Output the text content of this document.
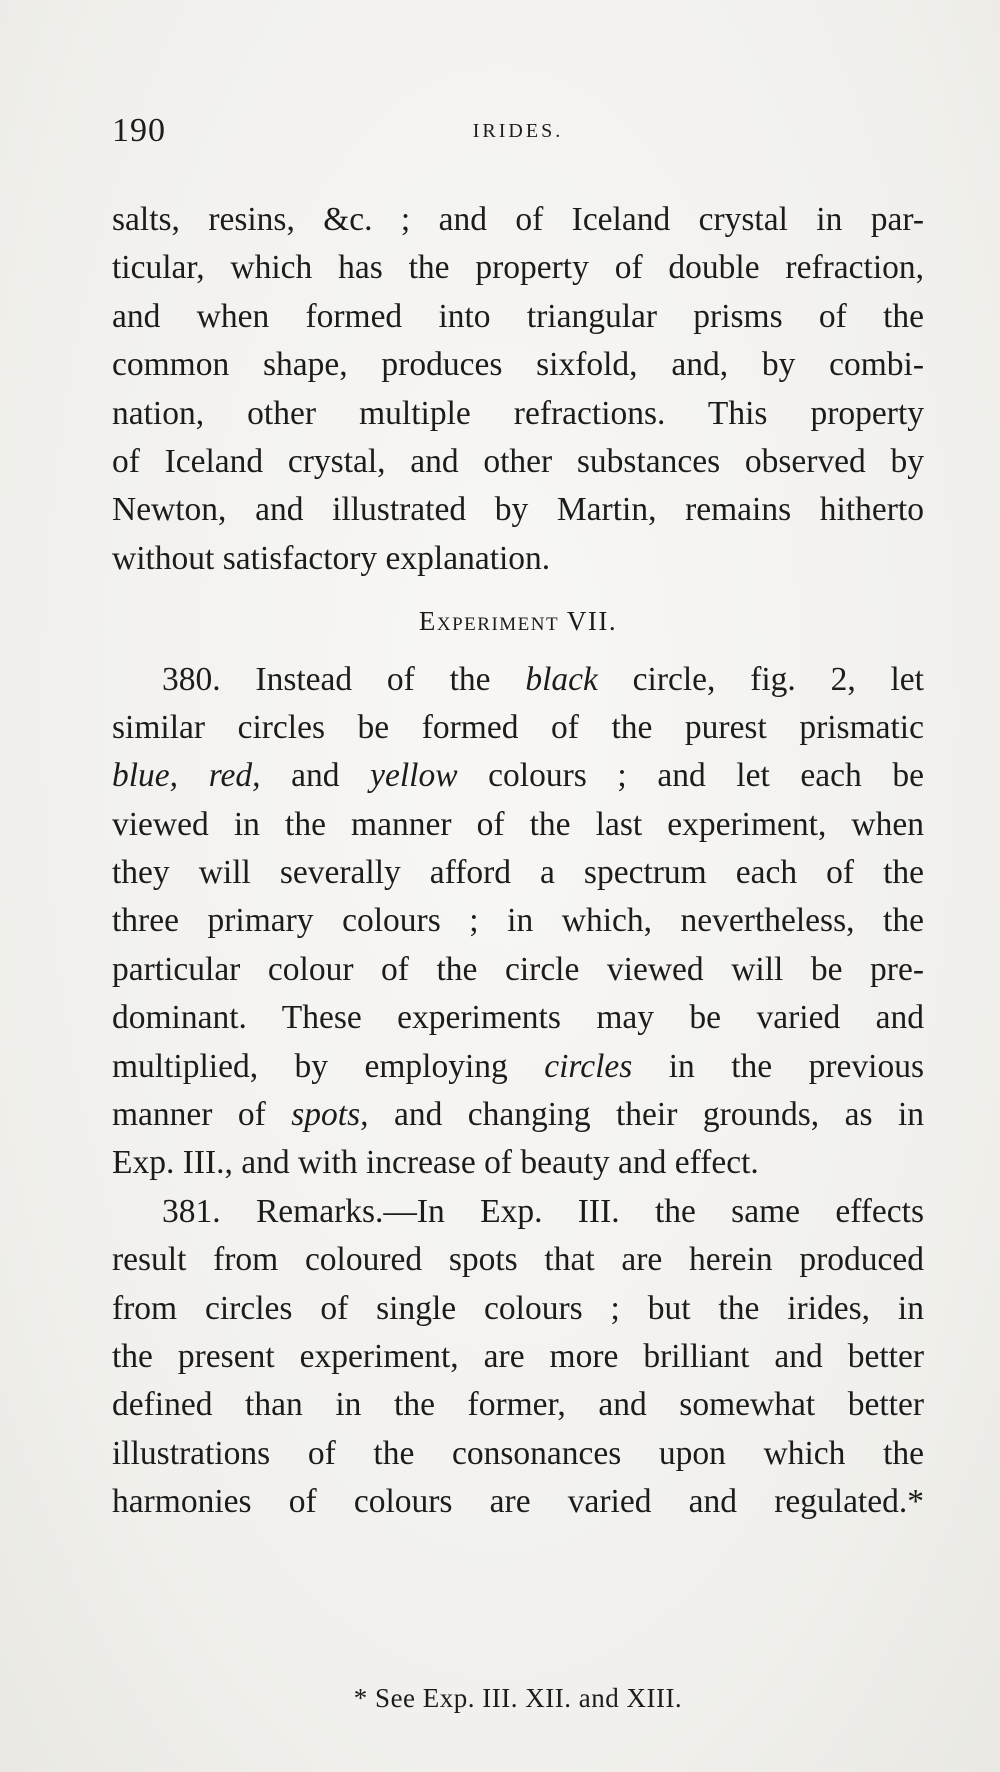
190	IRIDES.
salts, resins, &c. ; and of Iceland crystal in par-
ticular, which has the property of double refraction,
and when formed into triangular prisms of the
common shape, produces sixfold, and, by combi-
nation, other multiple refractions. This property
of Iceland crystal, and other substances observed by
Newton, and illustrated by Martin, remains hitherto
without satisfactory explanation.
Experiment VII.
380. Instead of the black circle, fig. 2, let
similar circles be formed of the purest prismatic
blue, red, and yellow colours ; and let each be
viewed in the manner of the last experiment, when
they will severally afford a spectrum each of the
three primary colours ; in which, nevertheless, the
particular colour of the circle viewed will be pre-
dominant. These experiments may be varied and
multiplied, by employing circles in the previous
manner of spots, and changing their grounds, as in
Exp. III., and with increase of beauty and effect.
381. Remarks.—In Exp. III. the same effects
result from coloured spots that are herein produced
from circles of single colours ; but the irides, in
the present experiment, are more brilliant and better
defined than in the former, and somewhat better
illustrations of the consonances upon which the
harmonies of colours are varied and regulated.*
* See Exp. III. XII. and XIII.
